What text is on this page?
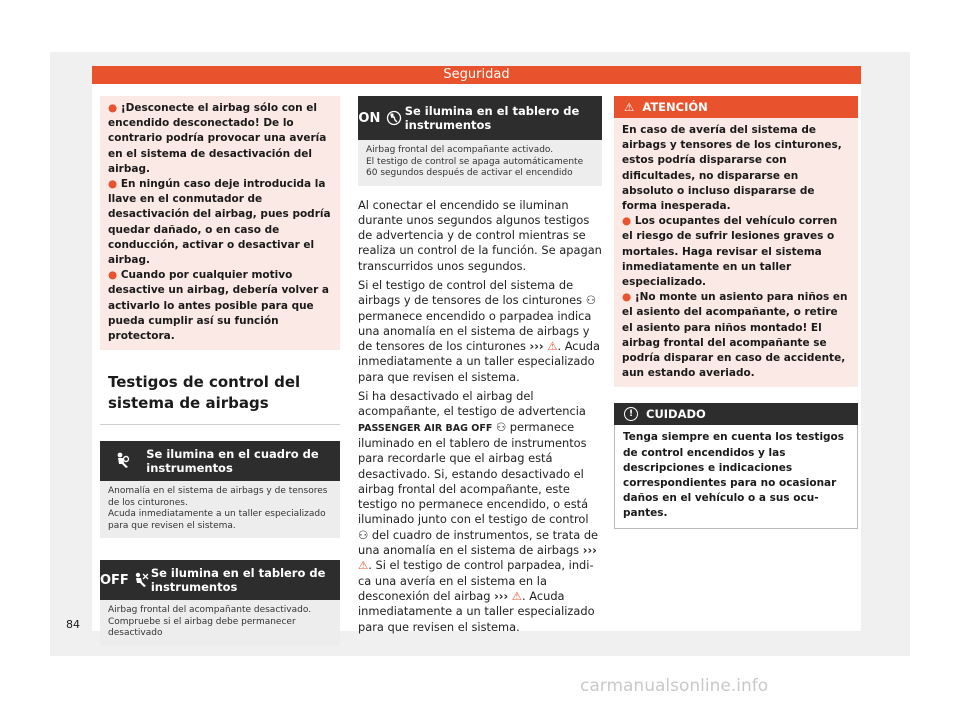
Seguridad

● ¡Desconecte el airbag sólo con el encendido desconectado! De lo contrario podría provocar una avería en el sistema de desactivación del airbag.

● En ningún caso deje introducida la llave en el conmutador de desactivación del airbag, pues podría quedar dañado, o en caso de conducción, activar o desactivar el airbag.

● Cuando por cualquier motivo desactive un airbag, debería volver a activarlo lo antes posible para que pueda cumplir así su función protectora.

Testigos de control del sistema de airbags
Se ilumina en el cuadro de instrumentos

Anomalía en el sistema de airbags y de tensores de los cinturones.

Acuda inmediatamente a un taller especializado para que revisen el sistema.

OFF Se ilumina en el tablero de instrumentos

Airbag frontal del acompañante desactivado.

Compruebe si el airbag debe permanecer desactivado

ON Se ilumina en el tablero de instrumentos

Airbag frontal del acompañante activado.

El testigo de control se apaga automáticamente 60 segundos después de activar el encendido

Al conectar el encendido se iluminan durante unos segundos algunos testigos de advertencia y de control mientras se realiza un control de la función. Se apagan transcurridos unos segundos.

Si el testigo de control del sistema de airbags y de tensores de los cinturones ⚇ permanece encendido o parpadea indica una anomalía en el sistema de airbags y de tensores de los cinturones ››› ⚠. Acuda inmediatamente a un taller especializado para que revisen el sistema.

Si ha desactivado el airbag del acompañante, el testigo de advertencia PASSENGER AIR BAG OFF ⚇ permanece iluminado en el tablero de instrumentos para recordarle que el airbag está desactivado. Si, estando desactivado el airbag frontal del acompañante, este testigo no permanece encendido, o está iluminado junto con el testigo de control ⚇ del cuadro de instrumentos, se trata de una anomalía en el sistema de airbags ››› ⚠. Si el testigo de control parpadea, indica una avería en el sistema en la desconexión del airbag ››› ⚠. Acuda inmediatamente a un taller especializado para que revisen el sistema.

⚠ ATENCIÓN

En caso de avería del sistema de airbags y tensores de los cinturones, estos podría dispararse con dificultades, no dispararse en absoluto o incluso dispararse de forma inesperada.

● Los ocupantes del vehículo corren el riesgo de sufrir lesiones graves o mortales. Haga revisar el sistema inmediatamente en un taller especializado.

● ¡No monte un asiento para niños en el asiento del acompañante, o retire el asiento para niños montado! El airbag frontal del acompañante se podría disparar en caso de accidente, aun estando averiado.

!	CUIDADO

Tenga siempre en cuenta los testigos de control encendidos y las descripciones e indicaciones correspondientes para no ocasionar daños en el vehículo o a sus ocupantes.

84
carmanualsonline.info
